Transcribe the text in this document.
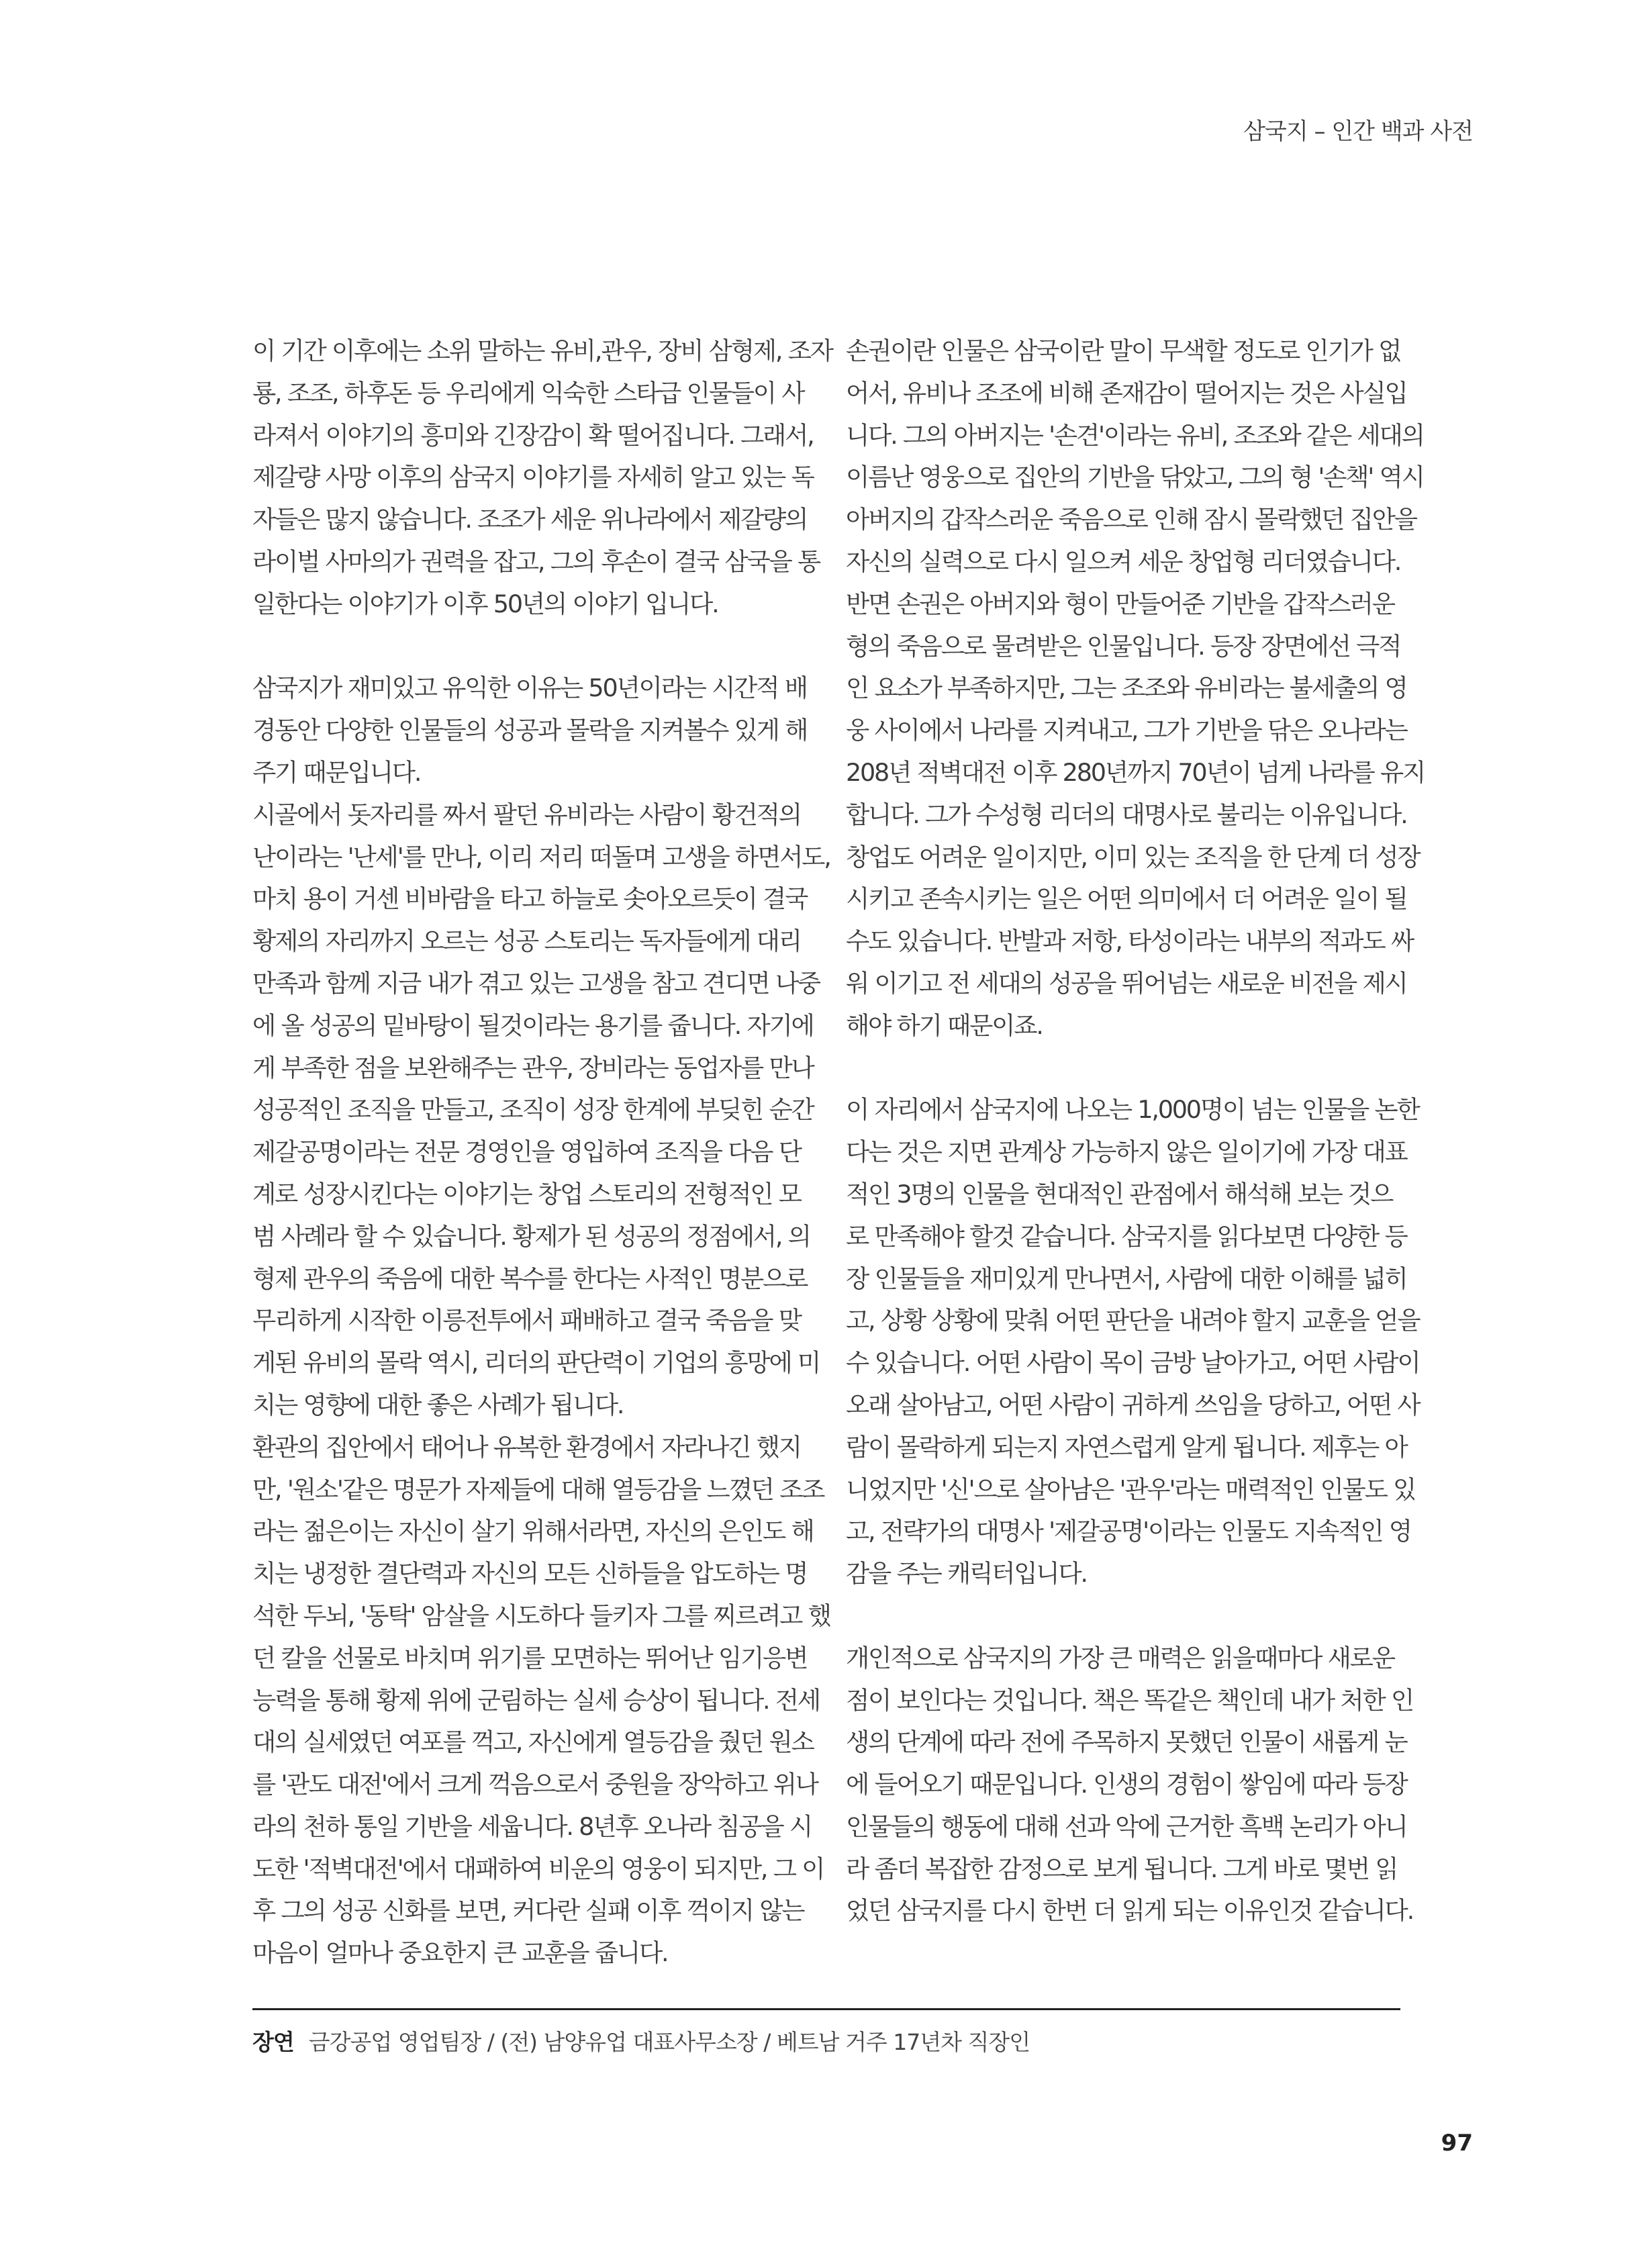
삼국지 – 인간 백과 사전
이 기간 이후에는 소위 말하는 유비,관우, 장비 삼형제, 조자
룡, 조조, 하후돈 등 우리에게 익숙한 스타급 인물들이 사
라져서 이야기의 흥미와 긴장감이 확 떨어집니다. 그래서,
제갈량 사망 이후의 삼국지 이야기를 자세히 알고 있는 독
자들은 많지 않습니다. 조조가 세운 위나라에서 제갈량의
라이벌 사마의가 권력을 잡고, 그의 후손이 결국 삼국을 통
일한다는 이야기가 이후 50년의 이야기 입니다.
삼국지가 재미있고 유익한 이유는 50년이라는 시간적 배
경동안 다양한 인물들의 성공과 몰락을 지켜볼수 있게 해
주기 때문입니다.
시골에서 돗자리를 짜서 팔던 유비라는 사람이 황건적의
난이라는 '난세'를 만나, 이리 저리 떠돌며 고생을 하면서도,
마치 용이 거센 비바람을 타고 하늘로 솟아오르듯이 결국
황제의 자리까지 오르는 성공 스토리는 독자들에게 대리
만족과 함께 지금 내가 겪고 있는 고생을 참고 견디면 나중
에 올 성공의 밑바탕이 될것이라는 용기를 줍니다. 자기에
게 부족한 점을 보완해주는 관우, 장비라는 동업자를 만나
성공적인 조직을 만들고, 조직이 성장 한계에 부딪힌 순간
제갈공명이라는 전문 경영인을 영입하여 조직을 다음 단
계로 성장시킨다는 이야기는 창업 스토리의 전형적인 모
범 사례라 할 수 있습니다. 황제가 된 성공의 정점에서, 의
형제 관우의 죽음에 대한 복수를 한다는 사적인 명분으로
무리하게 시작한 이릉전투에서 패배하고 결국 죽음을 맞
게된 유비의 몰락 역시, 리더의 판단력이 기업의 흥망에 미
치는 영향에 대한 좋은 사례가 됩니다.
환관의 집안에서 태어나 유복한 환경에서 자라나긴 했지
만, '원소'같은 명문가 자제들에 대해 열등감을 느꼈던 조조
라는 젊은이는 자신이 살기 위해서라면, 자신의 은인도 해
치는 냉정한 결단력과 자신의 모든 신하들을 압도하는 명
석한 두뇌, '동탁' 암살을 시도하다 들키자 그를 찌르려고 했
던 칼을 선물로 바치며 위기를 모면하는 뛰어난 임기응변
능력을 통해 황제 위에 군림하는 실세 승상이 됩니다. 전세
대의 실세였던 여포를 꺽고, 자신에게 열등감을 줬던 원소
를 '관도 대전'에서 크게 꺽음으로서 중원을 장악하고 위나
라의 천하 통일 기반을 세웁니다. 8년후 오나라 침공을 시
도한 '적벽대전'에서 대패하여 비운의 영웅이 되지만, 그 이
후 그의 성공 신화를 보면, 커다란 실패 이후 꺽이지 않는
마음이 얼마나 중요한지 큰 교훈을 줍니다.
손권이란 인물은 삼국이란 말이 무색할 정도로 인기가 없
어서, 유비나 조조에 비해 존재감이 떨어지는 것은 사실입
니다. 그의 아버지는 '손견'이라는 유비, 조조와 같은 세대의
이름난 영웅으로 집안의 기반을 닦았고, 그의 형 '손책' 역시
아버지의 갑작스러운 죽음으로 인해 잠시 몰락했던 집안을
자신의 실력으로 다시 일으켜 세운 창업형 리더였습니다.
반면 손권은 아버지와 형이 만들어준 기반을 갑작스러운
형의 죽음으로 물려받은 인물입니다. 등장 장면에선 극적
인 요소가 부족하지만, 그는 조조와 유비라는 불세출의 영
웅 사이에서 나라를 지켜내고, 그가 기반을 닦은 오나라는
208년 적벽대전 이후 280년까지 70년이 넘게 나라를 유지
합니다. 그가 수성형 리더의 대명사로 불리는 이유입니다.
창업도 어려운 일이지만, 이미 있는 조직을 한 단계 더 성장
시키고 존속시키는 일은 어떤 의미에서 더 어려운 일이 될
수도 있습니다. 반발과 저항, 타성이라는 내부의 적과도 싸
워 이기고 전 세대의 성공을 뛰어넘는 새로운 비전을 제시
해야 하기 때문이죠.
이 자리에서 삼국지에 나오는 1,000명이 넘는 인물을 논한
다는 것은 지면 관계상 가능하지 않은 일이기에 가장 대표
적인 3명의 인물을 현대적인 관점에서 해석해 보는 것으
로 만족해야 할것 같습니다. 삼국지를 읽다보면 다양한 등
장 인물들을 재미있게 만나면서, 사람에 대한 이해를 넓히
고, 상황 상황에 맞춰 어떤 판단을 내려야 할지 교훈을 얻을
수 있습니다. 어떤 사람이 목이 금방 날아가고, 어떤 사람이
오래 살아남고, 어떤 사람이 귀하게 쓰임을 당하고, 어떤 사
람이 몰락하게 되는지 자연스럽게 알게 됩니다. 제후는 아
니었지만 '신'으로 살아남은 '관우'라는 매력적인 인물도 있
고, 전략가의 대명사 '제갈공명'이라는 인물도 지속적인 영
감을 주는 캐릭터입니다.
개인적으로 삼국지의 가장 큰 매력은 읽을때마다 새로운
점이 보인다는 것입니다. 책은 똑같은 책인데 내가 처한 인
생의 단계에 따라 전에 주목하지 못했던 인물이 새롭게 눈
에 들어오기 때문입니다. 인생의 경험이 쌓임에 따라 등장
인물들의 행동에 대해 선과 악에 근거한 흑백 논리가 아니
라 좀더 복잡한 감정으로 보게 됩니다. 그게 바로 몇번 읽
었던 삼국지를 다시 한번 더 읽게 되는 이유인것 같습니다.
장연 금강공업 영업팀장 / (전) 남양유업 대표사무소장 / 베트남 거주 17년차 직장인
97
